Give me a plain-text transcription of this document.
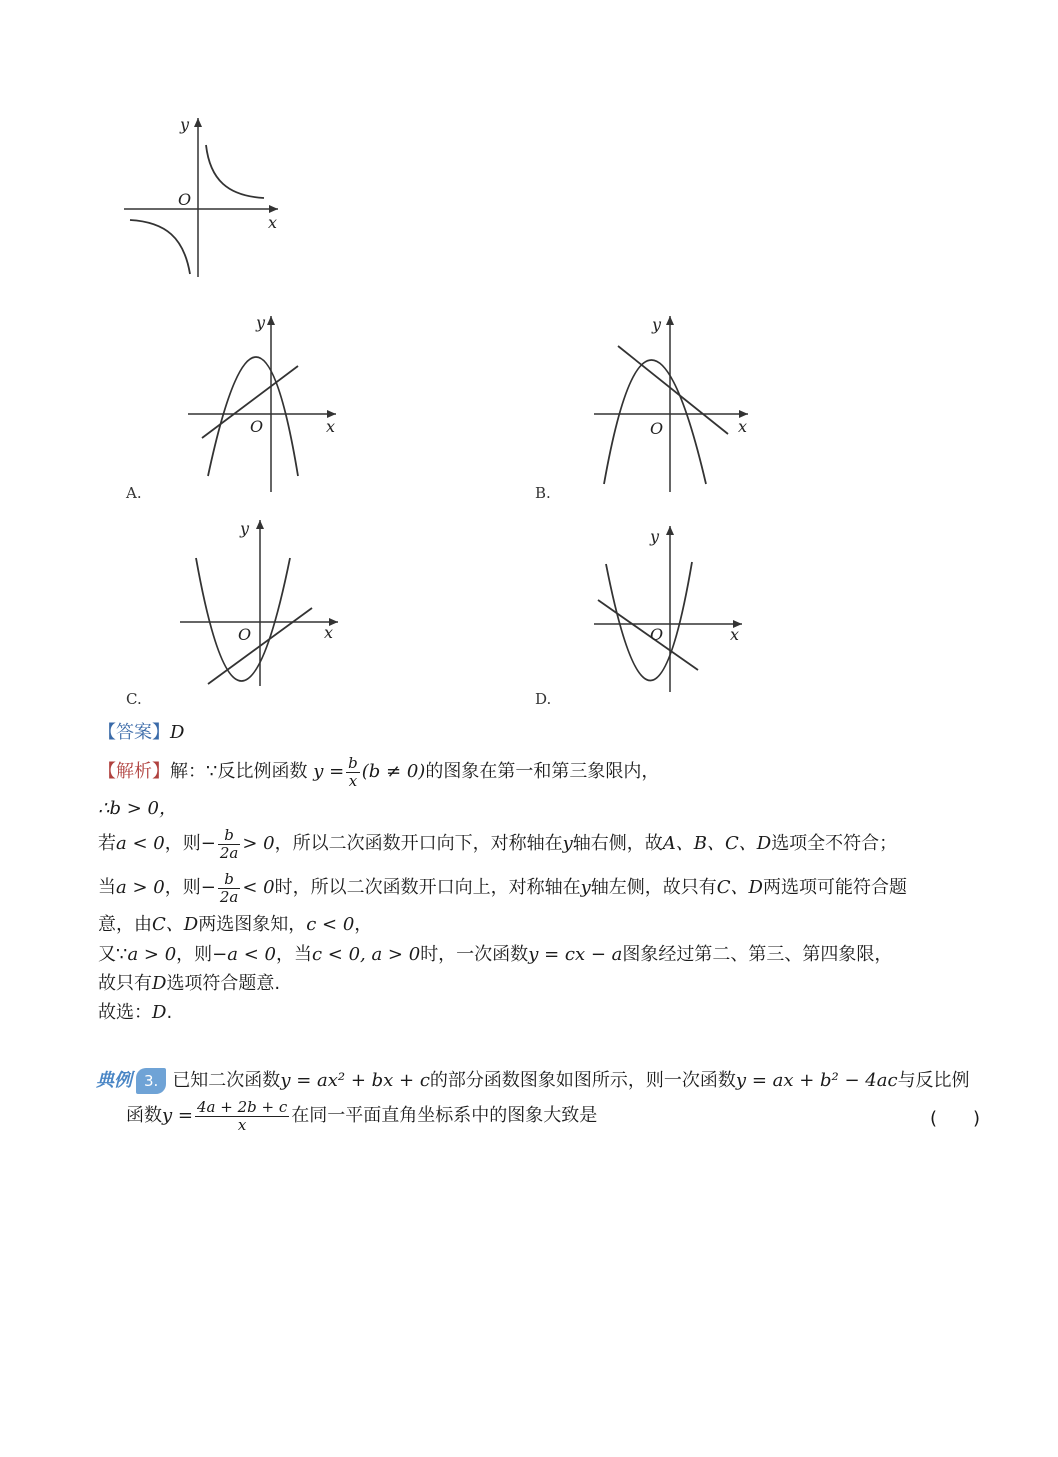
y
x
O
y
x
O
A.
y
x
O
B.
y
x
O
C.
y
x
O
D.
【答案】D
【解析】解：∵反比例函数 $y = \frac{b}{x} (b \ne 0)$的图象在第一和第三象限内，
∴b > 0，
若a < 0，则− $\frac{b}{2a} > 0$，所以二次函数开口向下，对称轴在y轴右侧，故A、B、C、D选项全不符合；
当a > 0，则− $\frac{b}{2a} < 0$时，所以二次函数开口向上，对称轴在y轴左侧，故只有C、D两选项可能符合题
意，由C、D两选图象知，c < 0，
又∵a > 0，则−a < 0，当c < 0, a > 0时，一次函数y = cx − a图象经过第二、第三、第四象限，
故只有D选项符合题意.
故选：D.
典例 3. 已知二次函数y = ax² + bx + c的部分函数图象如图所示，则一次函数y = ax + b² − 4ac与反比例
函数$y = \frac{4a + 2b + c}{x}$ 在同一平面直角坐标系中的图象大致是	(　　)
